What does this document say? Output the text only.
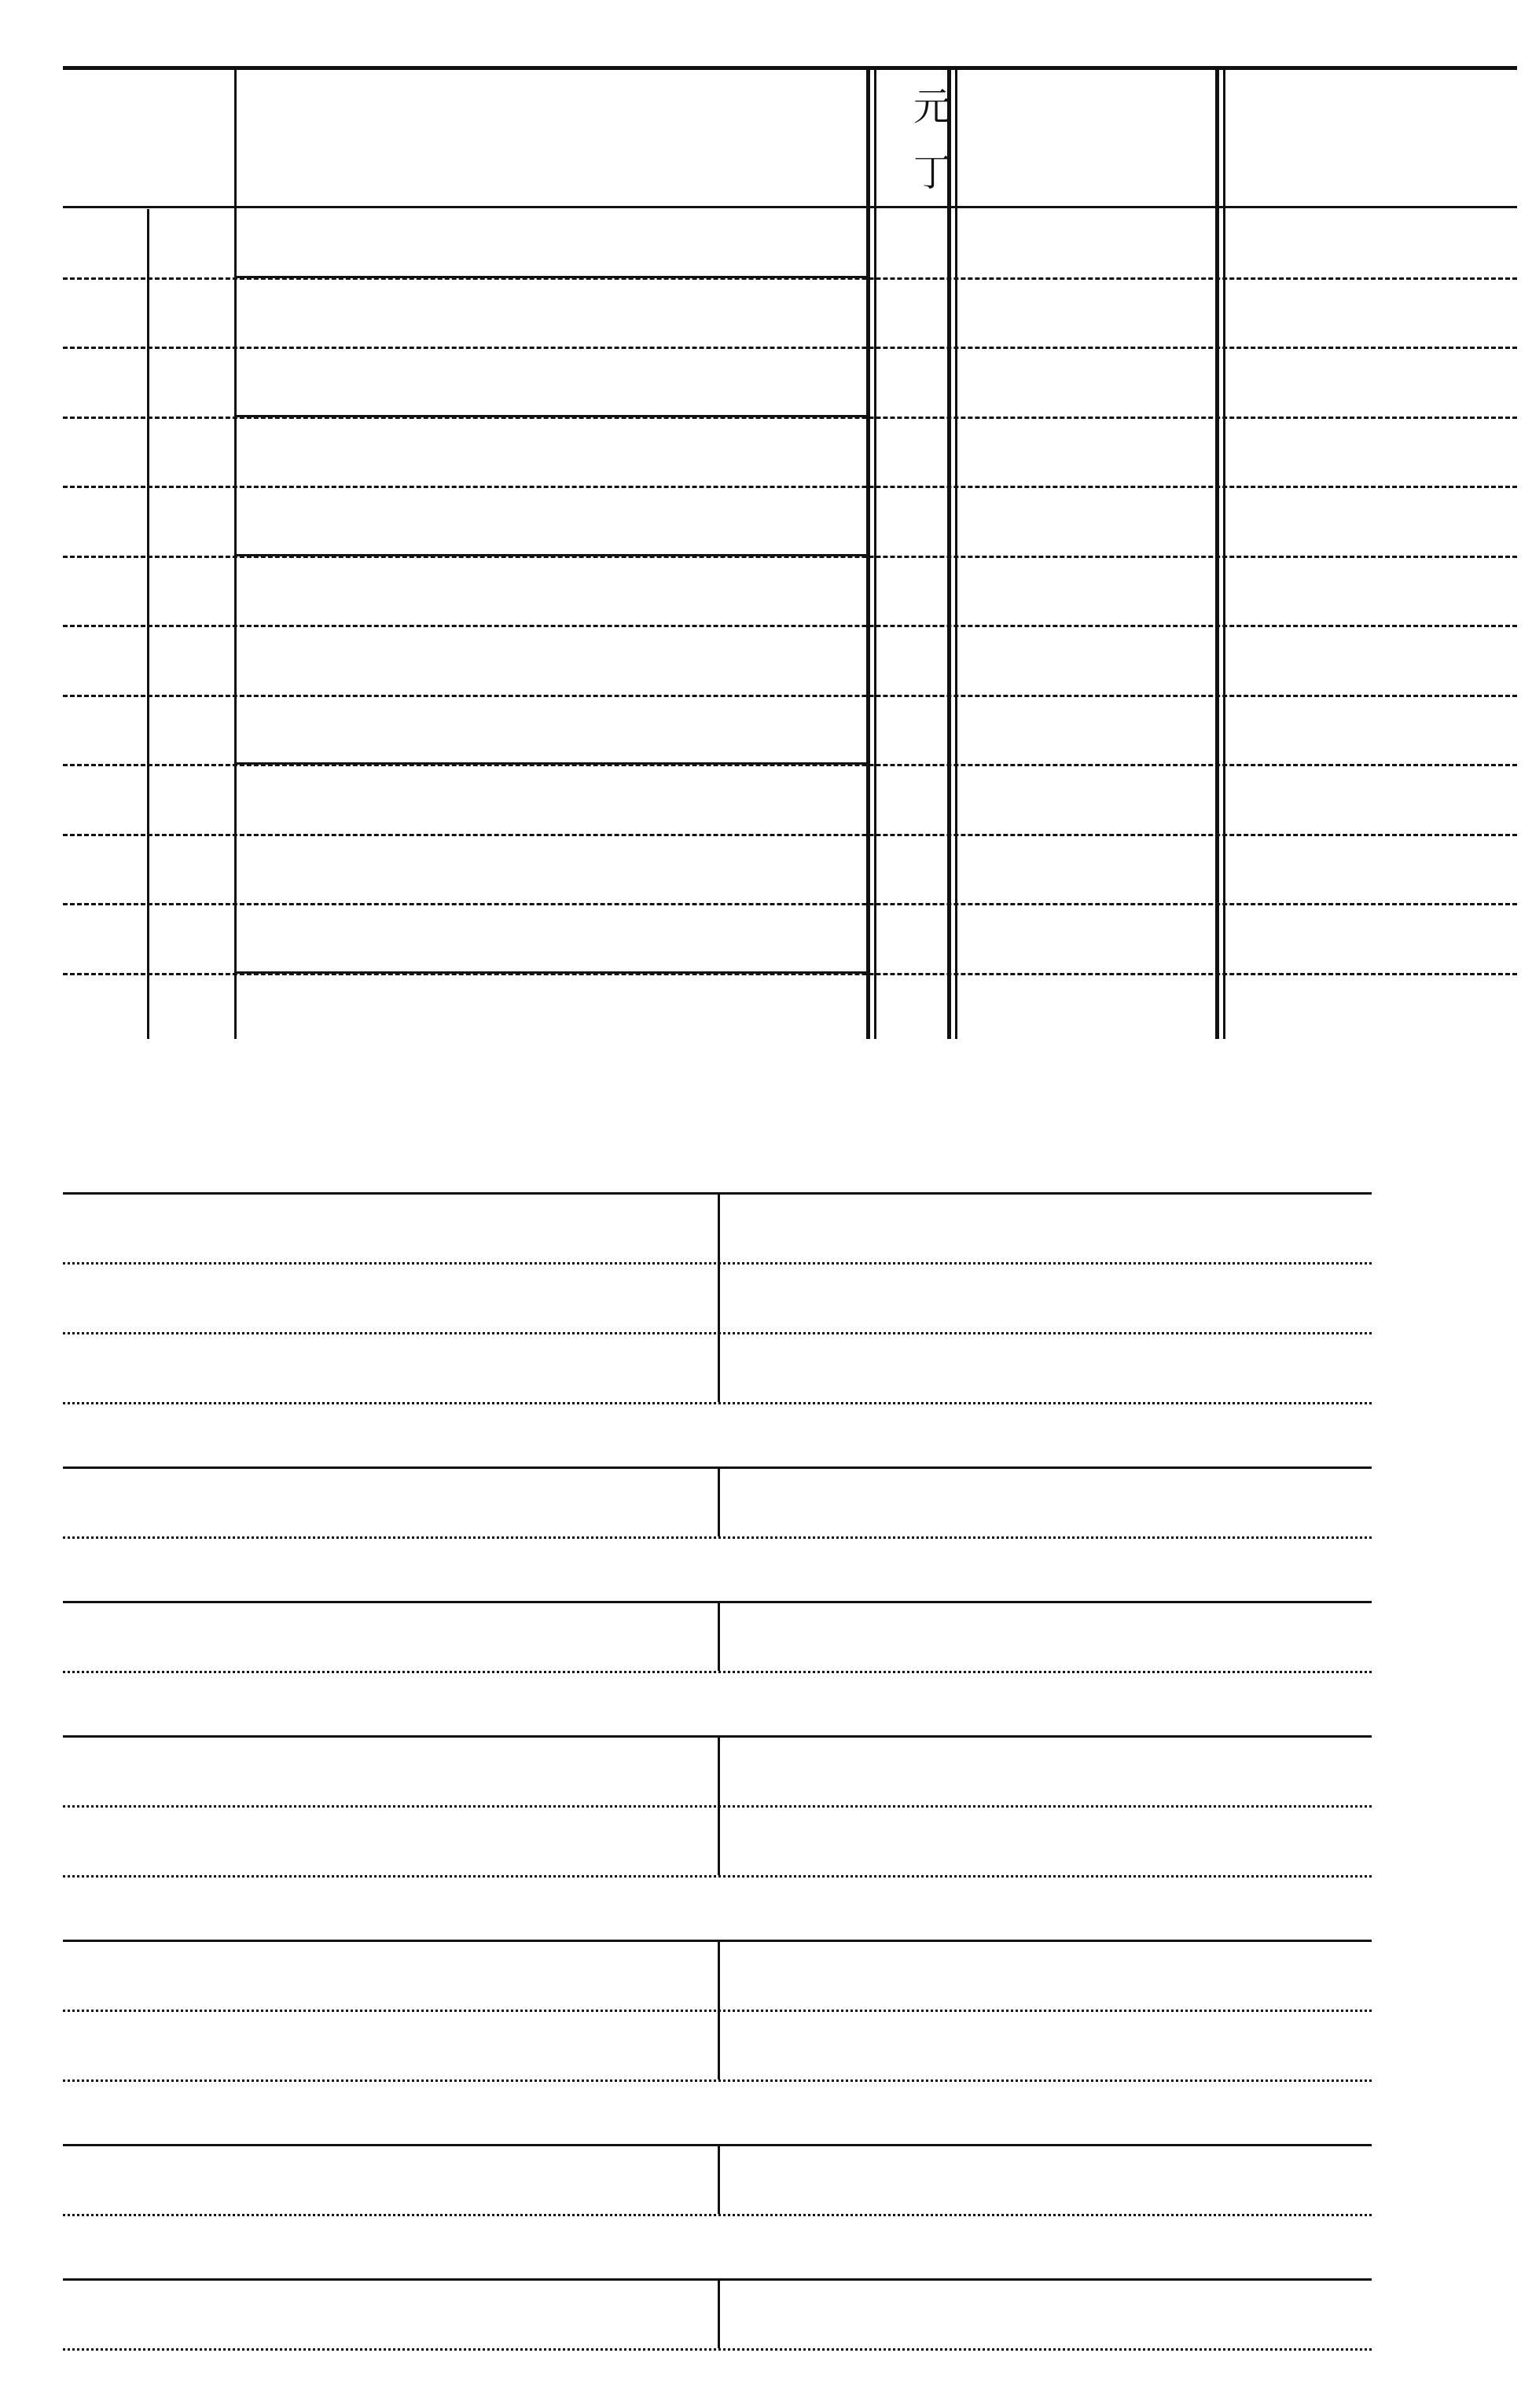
元
丁
